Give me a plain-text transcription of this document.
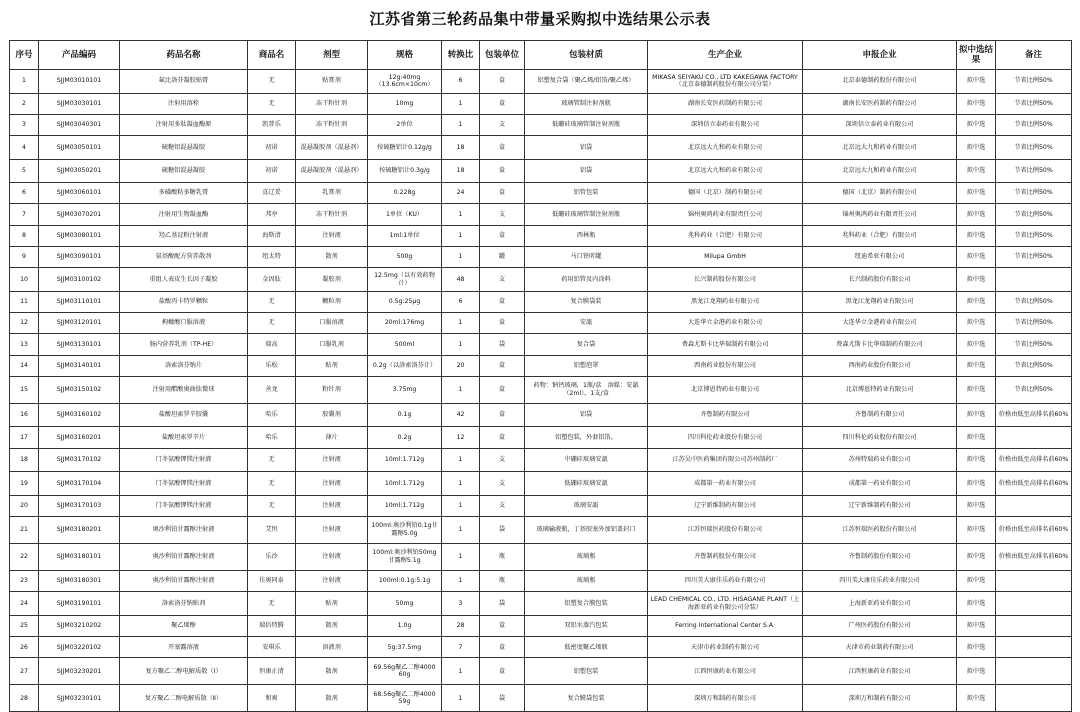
江苏省第三轮药品集中带量采购拟中选结果公示表
序号	产品编码	药品名称	商品名	剂型	规格	转换比	包装单位	包装材质	生产企业	申报企业	拟中选结果	备注
1	SJJM03010101	氟比洛芬凝胶贴膏	无	贴膏剂	12g:40mg（13.6cm×10cm）	6	盒	铝塑复合袋（聚乙烯/铝箔/聚乙烯）	MIKASA SEIYAKU CO., LTD KAKEGAWA FACTORY（北京泰德制药股份有限公司分装）	北京泰德制药股份有限公司	拟中选	节省比例50%
2	SJJM03030101	注射用溶栓	无	冻干粉针剂	10mg	1	盒	玻璃管制注射剂瓶	湖南长安医药制药有限公司	湖南长安医药制药有限公司	拟中选	节省比例50%
3	SJJM03040301	注射用多肽凝血酶原	凯普乐	冻干粉针剂	2单位	1	支	低硼硅玻璃管制注射剂瓶	深圳信立泰药业有限公司	深圳信立泰药业有限公司	拟中选	节省比例50%
4	SJJM03050101	硫糖铝混悬凝胶	初诺	混悬凝胶剂（混悬剂）	按硫糖铝计0.12g/g	18	盒	铝袋	北京远大九和药业有限公司	北京远大九和药业有限公司	拟中选	节省比例50%
5	SJJM03050201	硫糖铝混悬凝胶	初诺	混悬凝胶剂（混悬剂）	按硫糖铝计0.3g/g	18	盒	铝袋	北京远大九和药业有限公司	北京远大九和药业有限公司	拟中选	节省比例50%
6	SJJM03060101	多磺酸粘多糖乳膏	喜辽妥	乳膏剂	0.228g	24	盒	铝管包装	德国（北京）制药有限公司	德国（北京）制药有限公司	拟中选	节省比例50%
7	SJJM03070201	注射用生物凝血酶	邦亭	冻干粉针剂	1单位（KU）	1	支	低硼硅玻璃管制注射剂瓶	锦州奥鸿药业有限责任公司	锦州奥鸿药业有限责任公司	拟中选	节省比例50%
8	SJJM03080101	羟乙基淀粉注射液	海斯清	注射液	1ml:1单位	1	盒	西林瓶	兆科药业（合肥）有限公司	兆科药业（合肥）有限公司	拟中选	节省比例50%
9	SJJM03090101	氨基酸配方营养散剂	纽太特	散剂	500g	1	罐	马口铁听罐	Milupa GmbH	纽迪希亚有限公司	拟中选	节省比例50%
10	SJJM03100102	重组人表皮生长因子凝胶	金因肽	凝胶剂	12.5mg（以有效药物计）	48	支	药用铝管及内涂料	长兴制药股份有限公司	长兴制药股份有限公司	拟中选	
11	SJJM03110101	盐酸丙卡特罗颗粒	无	颗粒剂	0.5g:25μg	6	盒	复合膜袋装	黑龙江龙翔药业有限公司	黑龙江龙翔药业有限公司	拟中选	节省比例50%
12	SJJM03120101	枸橼酸口服溶液	无	口服溶液	20ml:176mg	1	盒	安瓿	大连华立金港药业有限公司	大连华立金港药业有限公司	拟中选	节省比例50%
13	SJJM03130101	肠内营养乳剂（TP-HE）	瑞高	口服乳剂	500ml	1	袋	复合袋	费森尤斯卡比华瑞制药有限公司	费森尤斯卡比华瑞制药有限公司	拟中选	节省比例50%
14	SJJM03140101	洛索洛芬钠片	乐松	贴剂	0.2g（以洛索洛芬计）	20	盒	铝塑泡罩	西南药业股份有限公司	西南药业股份有限公司	拟中选	节省比例50%
15	SJJM03150102	注射用醋酸奥曲肽微球	善龙	粉针剂	3.75mg	1	盒	药物：钠钙玻璃，1瓶/盒　溶媒：安瓿（2ml），1支/盒	北京博恩特药业有限公司	北京博恩特药业有限公司	拟中选	节省比例50%
16	SJJM03160102	盐酸坦索罗辛胶囊	哈乐	胶囊剂	0.1g	42	盒	铝袋	齐鲁制药有限公司	齐鲁制药有限公司	拟中选	价格由低至高排名前60%
17	SJJM03160201	盐酸坦索罗辛片	哈乐	薄片	0.2g	12	盒	铝塑包装，外套铝箔。	四川科伦药业股份有限公司	四川科伦药业股份有限公司	拟中选	
18	SJJM03170102	门冬氨酸钾镁注射液	无	注射液	10ml:1.712g	1	支	中硼硅玻璃安瓿	江苏吴中医药集团有限公司苏州制药厂	苏州特瑞药业有限公司	拟中选	价格由低至高排名前60%
19	SJJM03170104	门冬氨酸钾镁注射液	无	注射液	10ml:1.712g	1	支	低硼硅玻璃安瓿	成都第一药业有限公司	成都第一药业有限公司	拟中选	价格由低至高排名前60%
20	SJJM03170103	门冬氨酸钾镁注射液	无	注射液	10ml:1.712g	1	支	玻璃安瓿	辽宁新维制药有限公司	辽宁新维制药有限公司	拟中选	
21	SJJM03180201	奥沙利铂甘露醇注射液	艾恒	注射液	100ml:奥沙利铂0.1g甘露醇5.0g	1	袋	玻璃输液瓶，丁基胶塞外加铝盖封口	江苏恒瑞医药股份有限公司	江苏恒瑞医药股份有限公司	拟中选	价格由低至高排名前60%
22	SJJM03180101	奥沙利铂甘露醇注射液	乐沙	注射液	100ml:奥沙利铂50mg甘露醇5.1g	1	瓶	玻璃瓶	齐鲁制药股份有限公司	齐鲁制药股份有限公司	拟中选	价格由低至高排名前60%
23	SJJM03180301	奥沙利铂甘露醇注射液	佳奥同泰	注射液	100ml:0.1g:5.1g	1	瓶	玻璃瓶	四川美大康佳乐药业有限公司	四川美大康佳乐药业有限公司	拟中选	
24	SJJM03190101	洛索洛芬钠贴剂	无	贴剂	50mg	3	袋	铝塑复合膜包装	LEAD CHEMICAL CO., LTD. HISAGANE PLANT（上海新亚药业有限公司分装）	上海新亚药业有限公司	拟中选	
25	SJJM03210202	聚乙烯醇	瑞倍特腾	散剂	1.0g	28	盒	双铝水蒸汽包装	Ferring International Center S.A.	广州医药股份有限公司	拟中选	
26	SJJM03220102	开塞露溶液	安琪乐	溶液剂	5g:37.5mg	7	盒	低密度聚乙烯瓶	天津市药业制药有限公司	天津市药业制药有限公司	拟中选	
27	SJJM03230201	复方聚乙二醇电解质散（Ⅰ）	恒康正清	散剂	69.56g聚乙二醇4000 60g	1	盒	铝塑包装	江西恒康药业有限公司	江西恒康药业有限公司	拟中选	
28	SJJM03230101	复方聚乙二醇电解质散（Ⅱ）	和爽	散剂	68.56g聚乙二醇4000 59g	1	袋	复合膜袋包装	深圳万和制药有限公司	深圳万和制药有限公司	拟中选	
